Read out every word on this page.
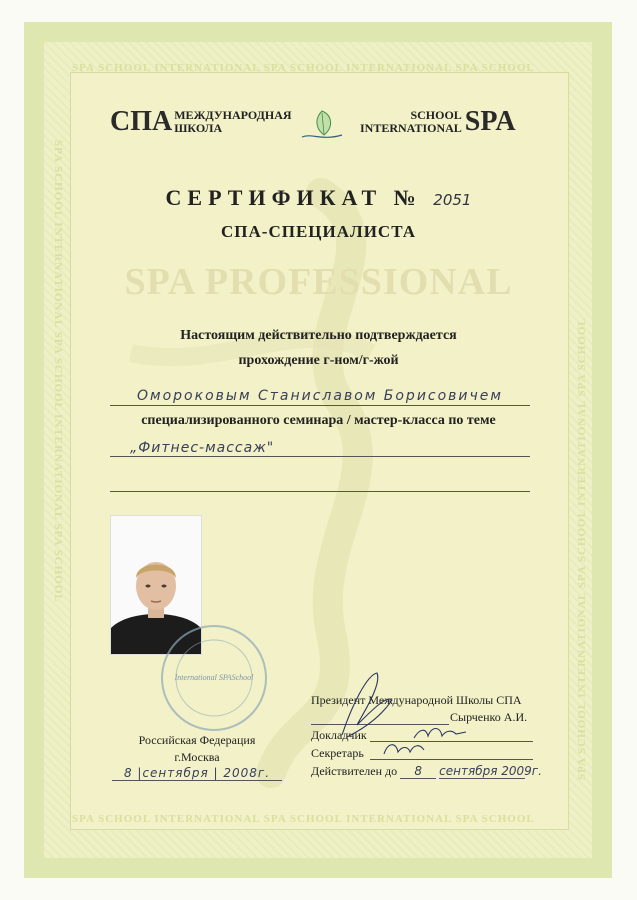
SPA SCHOOL INTERNATIONAL SPA SCHOOL INTERNATIONAL SPA SCHOOL
SPA SCHOOL INTERNATIONAL SPA SCHOOL INTERNATIONAL SPA SCHOOL
SPA SCHOOL INTERNATIONAL SPA SCHOOL INTERNATIONAL SPA SCHOOL	SPA SCHOOL INTERNATIONAL SPA SCHOOL INTERNATIONAL SPA SCHOOL
СПА МЕЖДУНАРОДНАЯ
ШКОЛА
SCHOOL
INTERNATIONAL SPA
СЕРТИФИКАТ № 2051
СПА-СПЕЦИАЛИСТА
SPA PROFESSIONAL
Настоящим действительно подтверждается
прохождение г-ном/г-жой
Омороковым Станиславом Борисовичем
специализированного семинара / мастер-класса по теме
„Фитнес-массаж"
International SPASchool
Российская Федерация
г.Москва
8 |сентября | 2008г.
Президент Международной Школы СПА
Сырченко А.И.
Докладчик
Секретарь
Действителен до 8 сентября 2009г.
